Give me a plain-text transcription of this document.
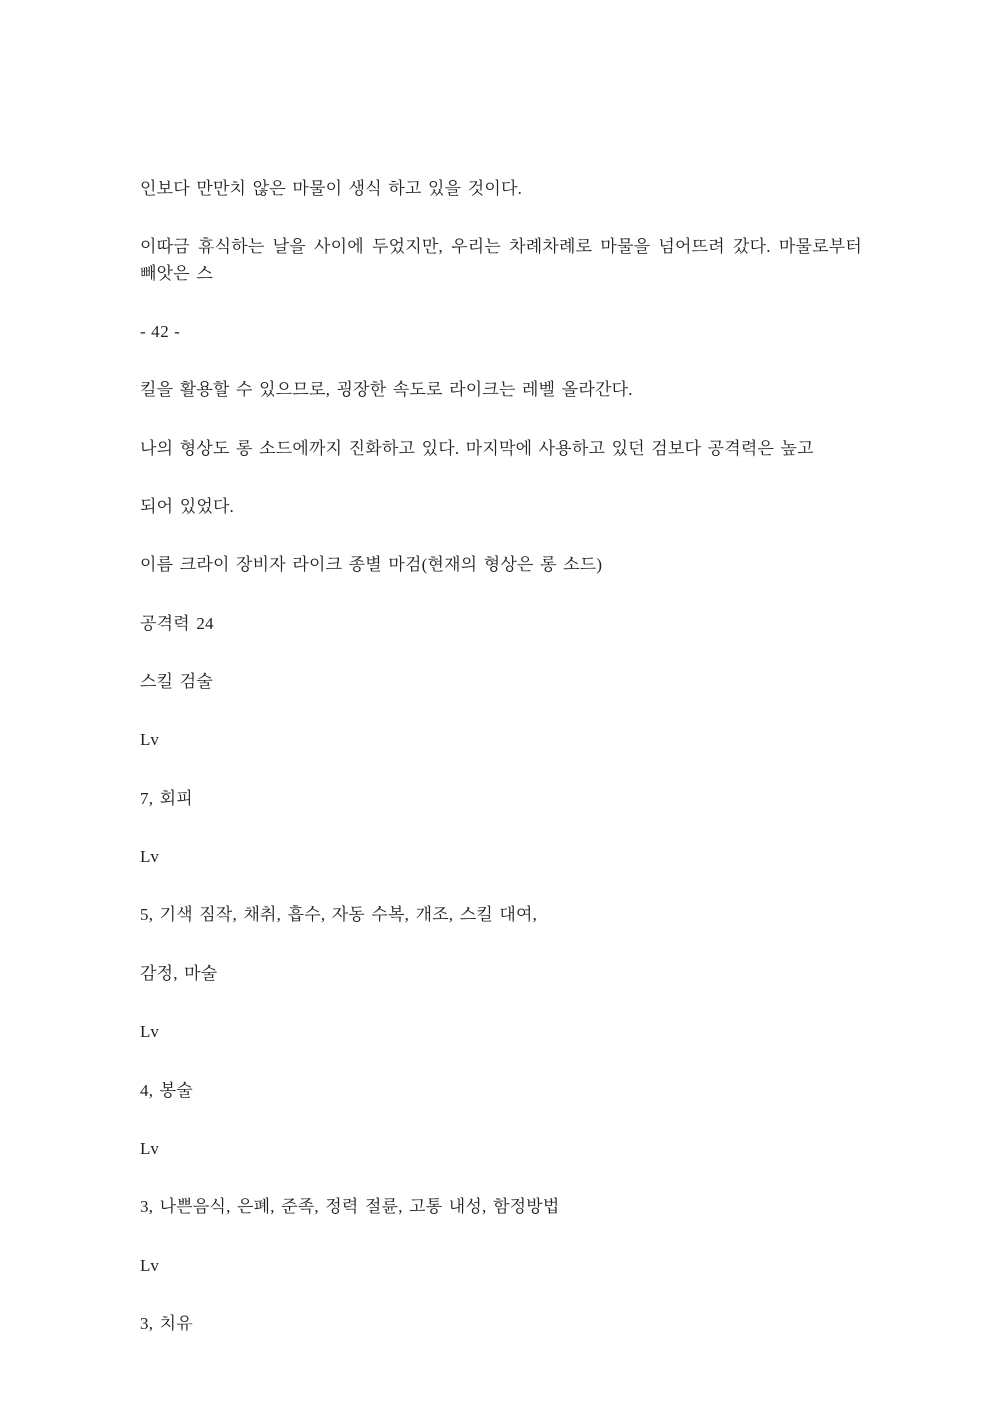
인보다 만만치 않은 마물이 생식 하고 있을 것이다.

이따금 휴식하는 날을 사이에 두었지만, 우리는 차례차례로 마물을 넘어뜨려 갔다. 마물로부터 빼앗은 스

- 42 -

킬을 활용할 수 있으므로, 굉장한 속도로 라이크는 레벨 올라간다.

나의 형상도 롱 소드에까지 진화하고 있다. 마지막에 사용하고 있던 검보다 공격력은 높고

되어 있었다.

이름 크라이 장비자 라이크 종별 마검(현재의 형상은 롱 소드)

공격력 24

스킬 검술

Lv

7, 회피

Lv

5, 기색 짐작, 채취, 흡수, 자동 수복, 개조, 스킬 대여,

감정, 마술

Lv

4, 봉술

Lv

3, 나쁜음식, 은폐, 준족, 정력 절륜, 고통 내성, 함정방법

Lv

3, 치유
